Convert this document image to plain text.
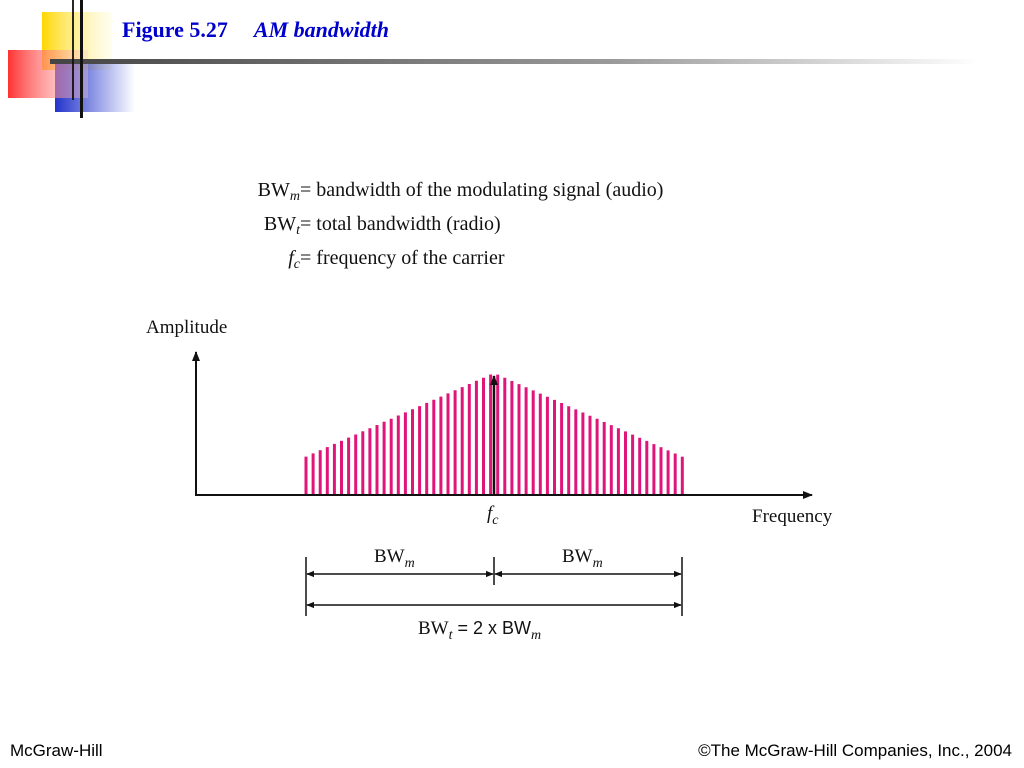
Figure 5.27 AM bandwidth
$BW_m$ = bandwidth of the modulating signal (audio)
$BW_t$ = total bandwidth (radio)
$f_c$ = frequency of the carrier
Amplitude
Frequency
$f_c$
$BW_m$	$BW_m$
$BW_t = 2$ x $BW_m$
McGraw-Hill	©The McGraw-Hill Companies, Inc., 2004
